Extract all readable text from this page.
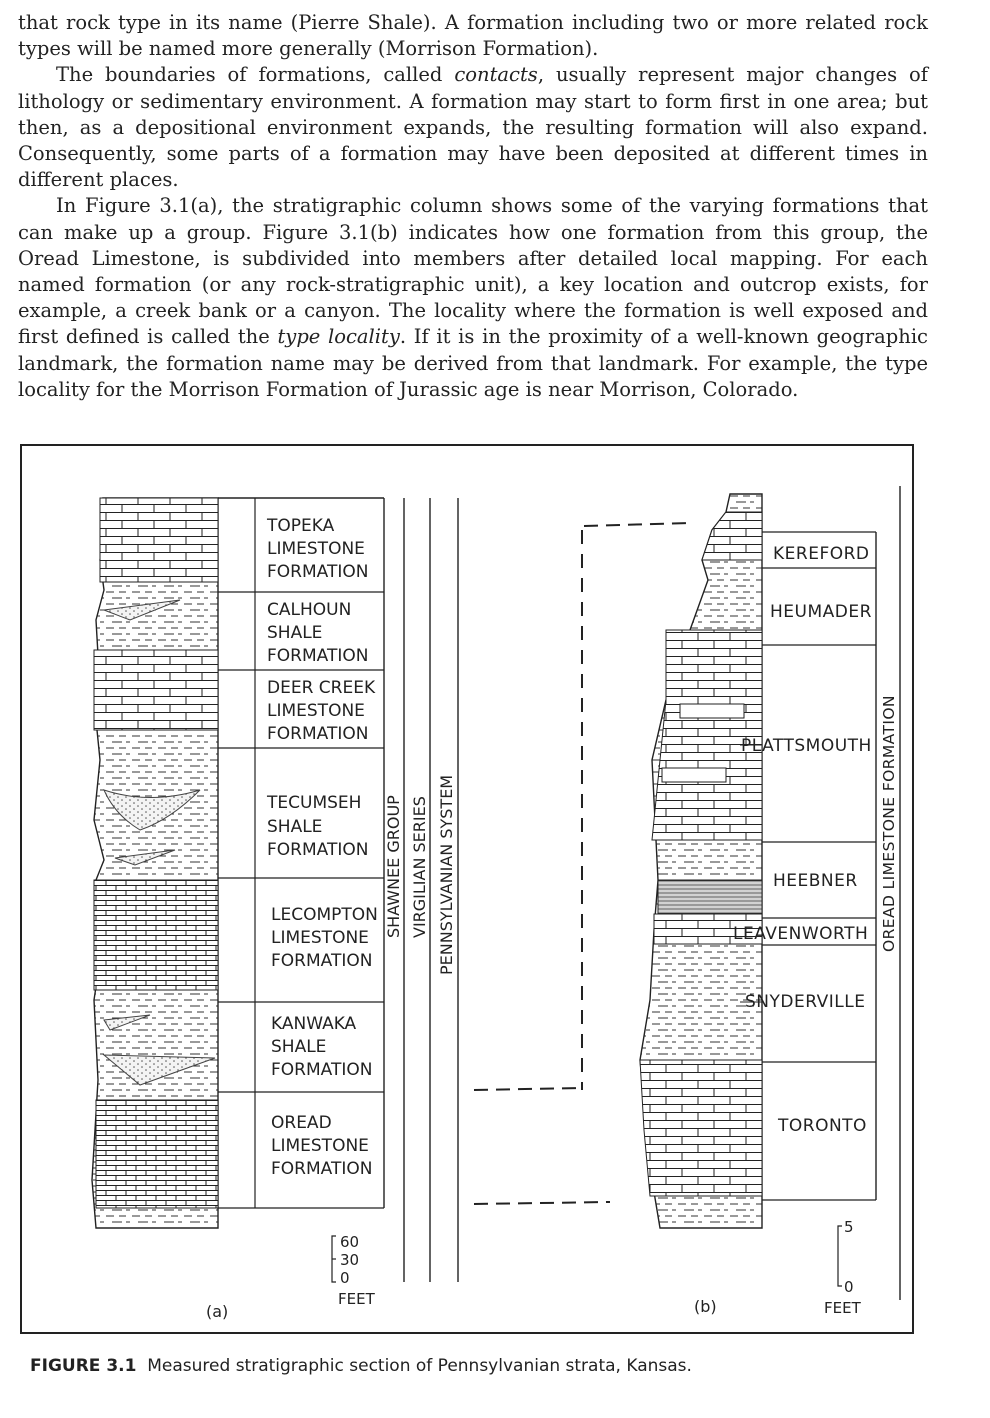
that rock type in its name (Pierre Shale). A formation including two or more related rock types will be named more generally (Morrison Formation).

The boundaries of formations, called contacts, usually represent major changes of lithology or sedimentary environment. A formation may start to form first in one area; but then, as a depositional environment expands, the resulting formation will also expand. Consequently, some parts of a formation may have been deposited at different times in different places.

In Figure 3.1(a), the stratigraphic column shows some of the varying formations that can make up a group. Figure 3.1(b) indicates how one formation from this group, the Oread Limestone, is subdivided into members after detailed local mapping. For each named formation (or any rock-stratigraphic unit), a key location and outcrop exists, for example, a creek bank or a canyon. The locality where the formation is well exposed and first defined is called the type locality. If it is in the proximity of a well-known geographic landmark, the formation name may be derived from that landmark. For example, the type locality for the Morrison Formation of Jurassic age is near Morrison, Colorado.

TOPEKA
LIMESTONE
FORMATION
CALHOUN
SHALE
FORMATION
DEER CREEK
LIMESTONE
FORMATION
TECUMSEH
SHALE
FORMATION
LECOMPTON
LIMESTONE
FORMATION
KANWAKA
SHALE
FORMATION
OREAD
LIMESTONE
FORMATION
SHAWNEE GROUP VIRGILIAN SERIES PENNSYLVANIAN SYSTEM
60
30
0
FEET
(a)
KEREFORD
HEUMADER
PLATTSMOUTH
HEEBNER
LEAVENWORTH
SNYDERVILLE
TORONTO
OREAD LIMESTONE FORMATION
5
0
FEET
(b)
FIGURE 3.1 Measured stratigraphic section of Pennsylvanian strata, Kansas.
